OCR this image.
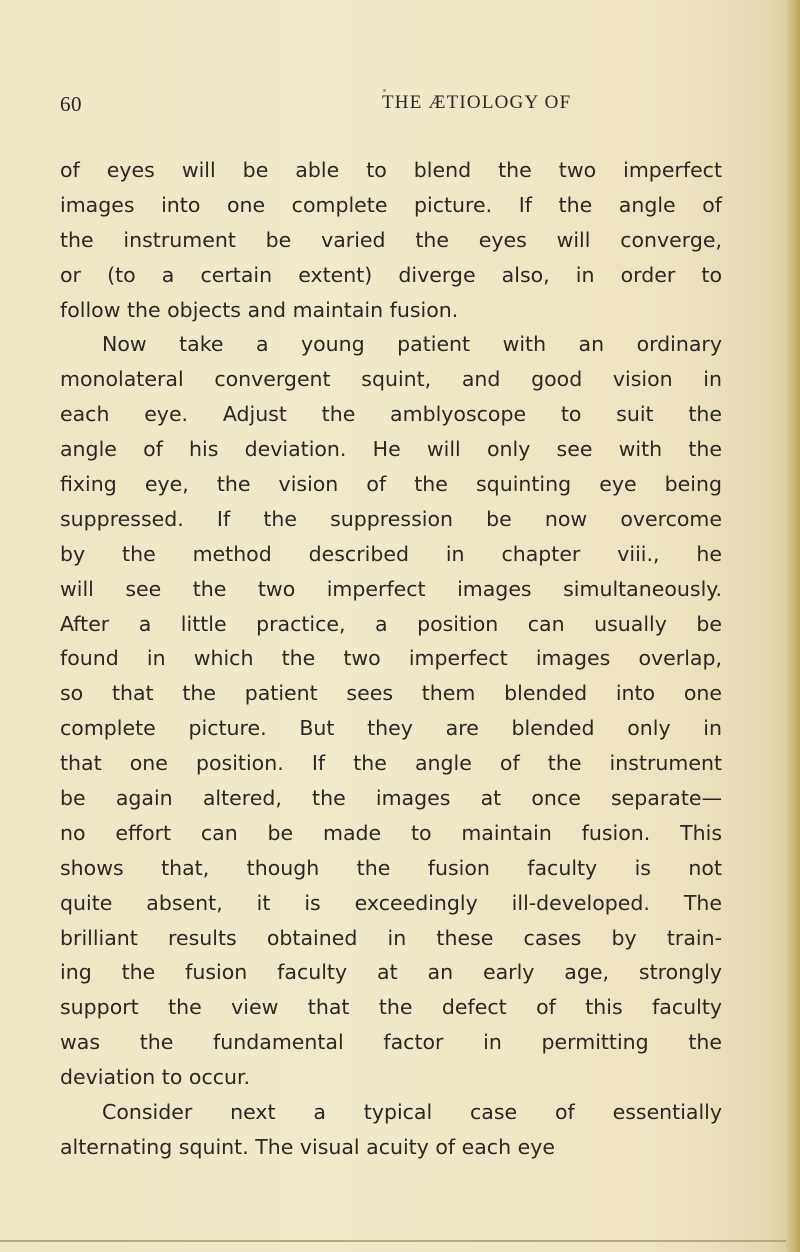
60	THE ÆTIOLOGY OF
of eyes will be able to blend the two imperfect
images into one complete picture. If the angle of
the instrument be varied the eyes will converge,
or (to a certain extent) diverge also, in order to
follow the objects and maintain fusion.
Now take a young patient with an ordinary
monolateral convergent squint, and good vision in
each eye. Adjust the amblyoscope to suit the
angle of his deviation. He will only see with the
fixing eye, the vision of the squinting eye being
suppressed. If the suppression be now overcome
by the method described in chapter viii., he
will see the two imperfect images simultaneously.
After a little practice, a position can usually be
found in which the two imperfect images overlap,
so that the patient sees them blended into one
complete picture. But they are blended only in
that one position. If the angle of the instrument
be again altered, the images at once separate—
no effort can be made to maintain fusion. This
shows that, though the fusion faculty is not
quite absent, it is exceedingly ill-developed. The
brilliant results obtained in these cases by train-
ing the fusion faculty at an early age, strongly
support the view that the defect of this faculty
was the fundamental factor in permitting the
deviation to occur.
Consider next a typical case of essentially
alternating squint. The visual acuity of each eye
